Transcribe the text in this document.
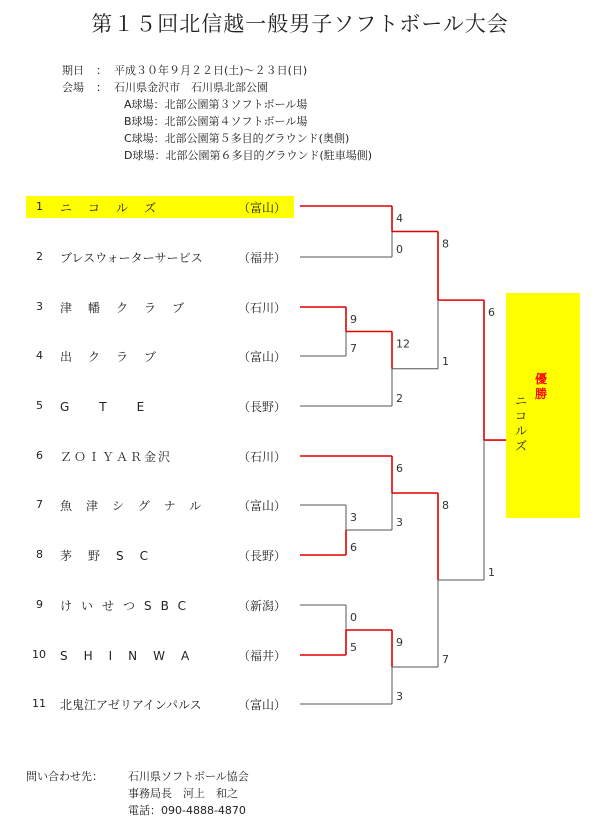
第１５回北信越一般男子ソフトボール大会
期日 ： 平成３０年９月２２日(土)～２３日(日)
会場 ： 石川県金沢市　石川県北部公園
A球場：北部公園第３ソフトボール場
B球場：北部公園第４ソフトボール場
C球場：北部公園第５多目的グラウンド(奥側)
D球場：北部公園第６多目的グラウンド(駐車場側)
1 ニ　コ　ル　ズ	（富山）
2 ブレスウォーターサービス	（福井）
3 津　幡　ク　ラ　ブ	（石川）
4 出　ク　ラ　ブ	（富山）
5 G　　T　　E	（長野）
6 ＺＯＩＹＡＲ金沢	（石川）
7 魚津シグナル	（富山）
8 茅　野　S　C	（長野）
9 けいせつSBC	（新潟）
10 S　H　I　N　W　A	（福井）
11 北鬼江アゼリアインパルス	（富山）
優勝
ニコルズ
9
7
3
6
0
5
4
0
12
2
6
3
9
3
8
1
8
7
6
1
問い合わせ先： 石川県ソフトボール協会
事務局長　河上　和之
電話：090-4888-4870
